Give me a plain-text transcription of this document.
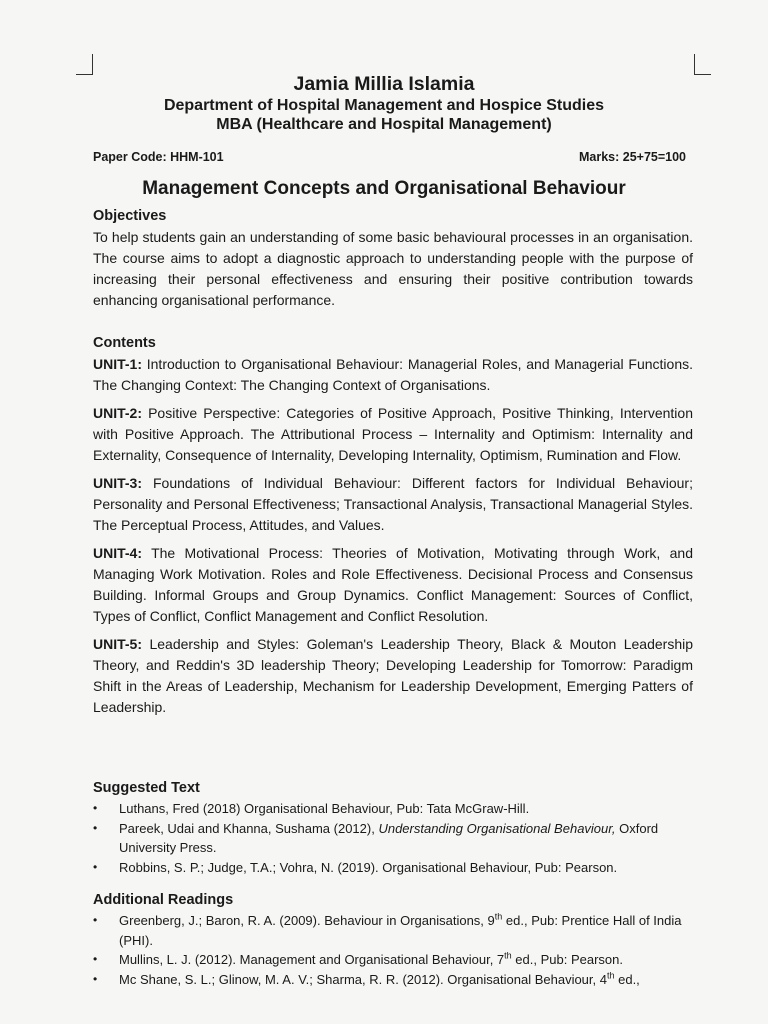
Jamia Millia Islamia
Department of Hospital Management and Hospice Studies
MBA (Healthcare and Hospital Management)
Paper Code: HHM-101	Marks: 25+75=100
Management Concepts and Organisational Behaviour
Objectives
To help students gain an understanding of some basic behavioural processes in an organisation. The course aims to adopt a diagnostic approach to understanding people with the purpose of increasing their personal effectiveness and ensuring their positive contribution towards enhancing organisational performance.
Contents
UNIT-1: Introduction to Organisational Behaviour: Managerial Roles, and Managerial Functions. The Changing Context: The Changing Context of Organisations.
UNIT-2: Positive Perspective: Categories of Positive Approach, Positive Thinking, Intervention with Positive Approach. The Attributional Process – Internality and Optimism: Internality and Externality, Consequence of Internality, Developing Internality, Optimism, Rumination and Flow.
UNIT-3: Foundations of Individual Behaviour: Different factors for Individual Behaviour; Personality and Personal Effectiveness; Transactional Analysis, Transactional Managerial Styles. The Perceptual Process, Attitudes, and Values.
UNIT-4: The Motivational Process: Theories of Motivation, Motivating through Work, and Managing Work Motivation. Roles and Role Effectiveness. Decisional Process and Consensus Building. Informal Groups and Group Dynamics. Conflict Management: Sources of Conflict, Types of Conflict, Conflict Management and Conflict Resolution.
UNIT-5: Leadership and Styles: Goleman's Leadership Theory, Black & Mouton Leadership Theory, and Reddin's 3D leadership Theory; Developing Leadership for Tomorrow: Paradigm Shift in the Areas of Leadership, Mechanism for Leadership Development, Emerging Patters of Leadership.
Suggested Text
• Luthans, Fred (2018) Organisational Behaviour, Pub: Tata McGraw-Hill.
• Pareek, Udai and Khanna, Sushama (2012), Understanding Organisational Behaviour, Oxford University Press.
• Robbins, S. P.; Judge, T.A.; Vohra, N. (2019). Organisational Behaviour, Pub: Pearson.
Additional Readings
• Greenberg, J.; Baron, R. A. (2009). Behaviour in Organisations, 9th ed., Pub: Prentice Hall of India (PHI).
• Mullins, L. J. (2012). Management and Organisational Behaviour, 7th ed., Pub: Pearson.
• Mc Shane, S. L.; Glinow, M. A. V.; Sharma, R. R. (2012). Organisational Behaviour, 4th ed.,
